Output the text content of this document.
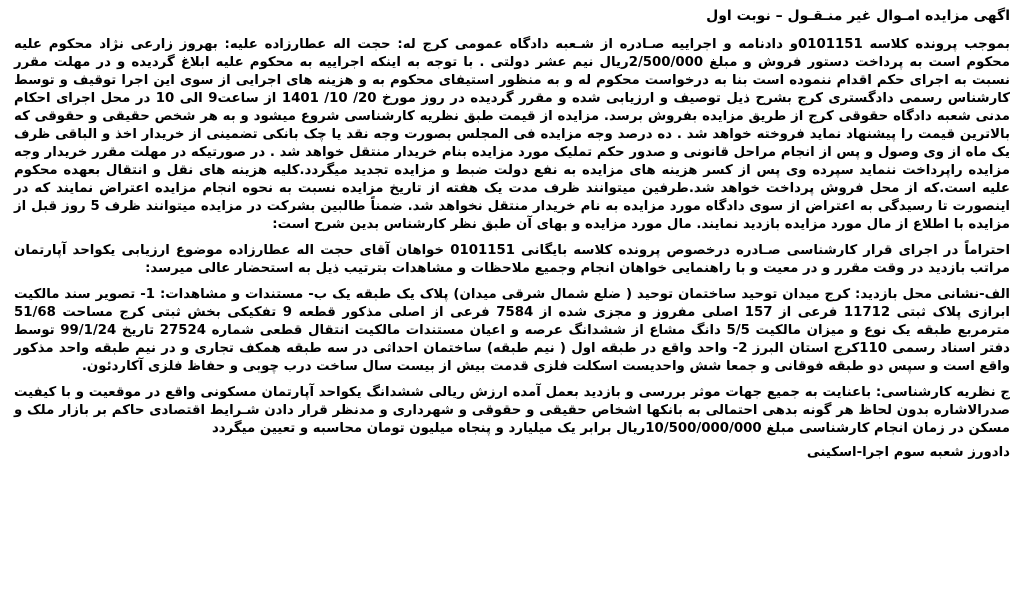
اگهی مزایده امـوال غیر منـقـول – نوبت اول

بموجب پرونده کلاسه 0101151و دادنامه و اجراییه صـادره از شـعبه دادگاه عمومی کرج له: حجت اله عطارزاده علیه: بهروز زارعی نژاد محکوم علیه محکوم است به پرداخت دستور فروش و مبلغ 2/500/000ریال نیم عشر دولتی . با توجه به اینکه اجراییه به محکوم علیه ابلاغ گردیده و در مهلت مقرر نسبت به اجرای حکم اقدام ننموده است بنا به درخواست محکوم له و به منظور استیفای محکوم به و هزینه های اجرایی از سوی این اجرا توقیف و توسط کارشناس رسمی دادگستری کرج بشرح ذیل توصیف و ارزیابی شده و مقرر گردیده در روز مورخ 20/ 10/ 1401 از ساعت9 الی 10 در محل اجرای احکام مدنی شعبه دادگاه حقوقی کرج از طریق مزایده بفروش برسد. مزایده از قیمت طبق نظریه کارشناسی شروع میشود و به هر شخص حقیقی و حقوقی که بالاترین قیمت را پیشنهاد نماید فروخته خواهد شد . ده درصد وجه مزایده فی المجلس بصورت وجه نقد یا چک بانکی تضمینی از خریدار اخذ و الباقی ظرف یک ماه از وی وصول و پس از انجام مراحل قانونی و صدور حکم تملیک مورد مزایده بنام خریدار منتقل خواهد شد . در صورتیکه در مهلت مقرر خریدار وجه مزایده راپرداخت ننماید سپرده وی پس از کسر هزینه های مزایده به نفع دولت ضبط و مزایده تجدید میگردد.کلیه هزینه های نقل و انتقال بعهده محکوم علیه است.که از محل فروش پرداخت خواهد شد.طرفین میتوانند ظرف مدت یک هفته از تاریخ مزایده نسبت به نحوه انجام مزایده اعتراض نمایند که در اینصورت تا رسیدگی به اعتراض از سوی دادگاه مورد مزایده به نام خریدار منتقل نخواهد شد. ضمناً طالبین بشرکت در مزایده میتوانند ظرف 5 روز قبل از مزایده با اطلاع از مال مورد مزایده بازدید نمایند. مال مورد مزایده و بهای آن طبق نظر کارشناس بدین شرح است:

احتراماً در اجرای قرار کارشناسی صـادره درخصوص پرونده کلاسه بایگانی 0101151 خواهان آقای حجت اله عطارزاده موضوع ارزیابی یکواحد آپارتمان مراتب بازدید در وقت مقرر و در معیت و با راهنمایی خواهان انجام وجمیع ملاحظات و مشاهدات بترتیب ذیل به استحضار عالی میرسد:

الف-نشانی محل بازدید: کرج میدان توحید ساختمان توحید ( ضلع شمال شرقی میدان) پلاک یک طبقه یک ب- مستندات و مشاهدات: 1- تصویر سند مالکیت ابرازی پلاک ثبتی 11712 فرعی از 157 اصلی مفروز و مجزی شده از 7584 فرعی از اصلی مذکور قطعه 9 تفکیکی بخش ثبتی کرج مساحت 51/68 مترمربع طبقه یک نوع و میزان مالکیت 5/5 دانگ مشاع از ششدانگ عرصه و اعیان مستندات مالکیت انتقال قطعی شماره 27524 تاریخ 99/1/24 توسط دفتر اسناد رسمی 110کرج استان البرز 2- واحد واقع در طبقه اول ( نیم طبقه) ساختمان احداثی در سه طبقه همکف تجاری و در نیم طبقه واحد مذکور واقع است و سپس دو طبقه فوقانی و جمعا شش واحدیست اسکلت فلزی قدمت بیش از بیست سال ساخت درب چوبی و حفاظ فلزی آکاردئون.

ج نظریه کارشناسی: باعنایت به جمیع جهات موثر بررسی و بازدید بعمل آمده ارزش ریالی ششدانگ یکواحد آپارتمان مسکونی واقع در موقعیت و با کیفیت صدرالاشاره بدون لحاظ هر گونه بدهی احتمالی به بانکها اشخاص حقیقی و حقوقی و شهرداری و مدنظر قرار دادن شـرایط اقتصادی حاکم بر بازار ملک و مسکن در زمان انجام کارشناسی مبلغ 10/500/000/000ریال برابر یک میلیارد و پنجاه میلیون تومان محاسبه و تعیین میگردد

دادورز شعبه سوم اجرا-اسکینی
